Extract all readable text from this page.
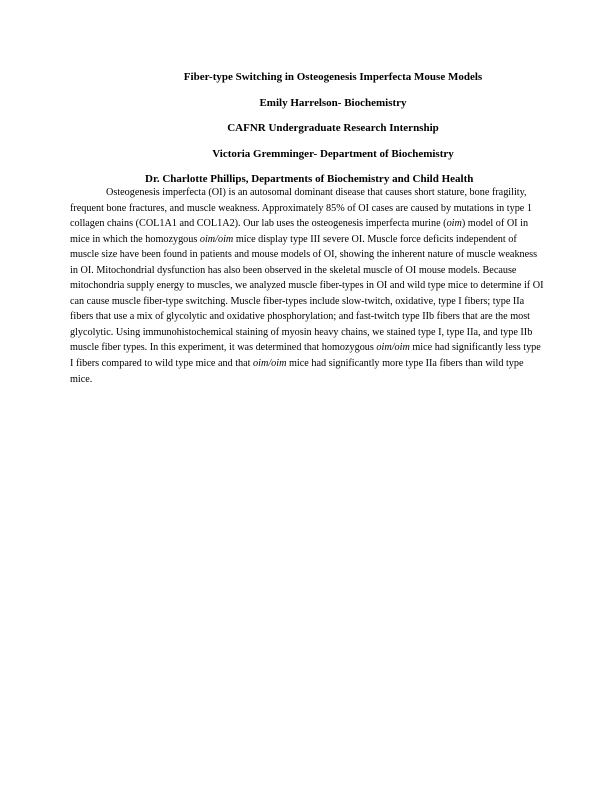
Fiber-type Switching in Osteogenesis Imperfecta Mouse Models
Emily Harrelson- Biochemistry
CAFNR Undergraduate Research Internship
Victoria Gremminger- Department of Biochemistry
Dr. Charlotte Phillips, Departments of Biochemistry and Child Health

Osteogenesis imperfecta (OI) is an autosomal dominant disease that causes short stature, bone fragility, frequent bone fractures, and muscle weakness. Approximately 85% of OI cases are caused by mutations in type 1 collagen chains (COL1A1 and COL1A2). Our lab uses the osteogenesis imperfecta murine (oim) model of OI in mice in which the homozygous oim/oim mice display type III severe OI. Muscle force deficits independent of muscle size have been found in patients and mouse models of OI, showing the inherent nature of muscle weakness in OI. Mitochondrial dysfunction has also been observed in the skeletal muscle of OI mouse models. Because mitochondria supply energy to muscles, we analyzed muscle fiber-types in OI and wild type mice to determine if OI can cause muscle fiber-type switching. Muscle fiber-types include slow-twitch, oxidative, type I fibers; type IIa fibers that use a mix of glycolytic and oxidative phosphorylation; and fast-twitch type IIb fibers that are the most glycolytic. Using immunohistochemical staining of myosin heavy chains, we stained type I, type IIa, and type IIb muscle fiber types. In this experiment, it was determined that homozygous oim/oim mice had significantly less type I fibers compared to wild type mice and that oim/oim mice had significantly more type IIa fibers than wild type mice.
